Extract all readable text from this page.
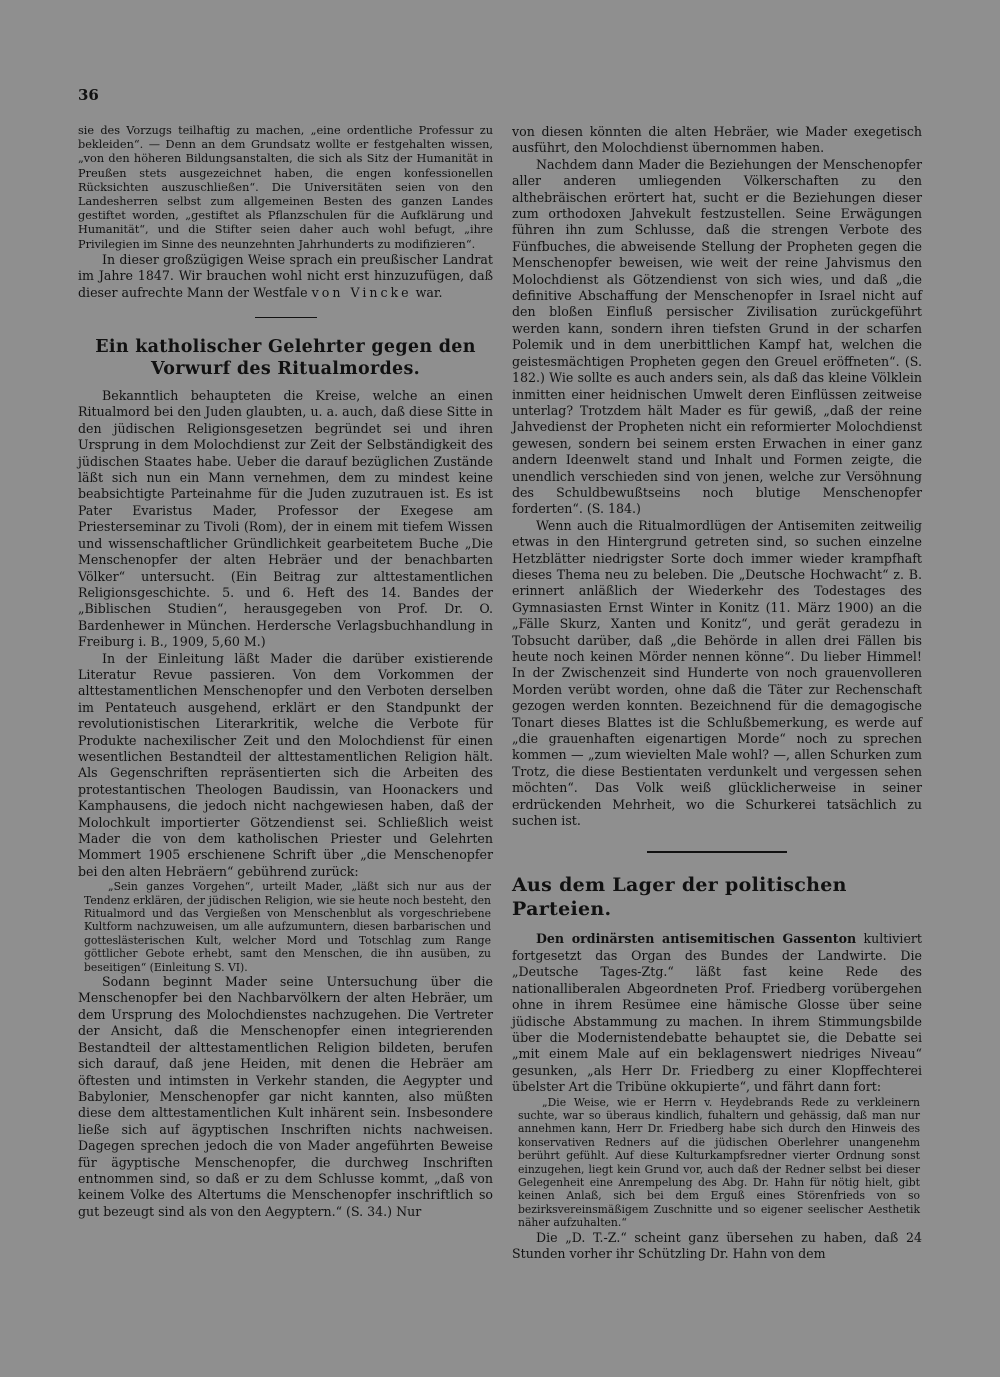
36

sie des Vorzugs teilhaftig zu machen, „eine ordentliche Professur zu bekleiden“. — Denn an dem Grundsatz wollte er festgehalten wissen, „von den höheren Bildungsanstalten, die sich als Sitz der Humanität in Preußen stets ausgezeichnet haben, die engen konfessionellen Rücksichten auszuschließen“. Die Universitäten seien von den Landesherren selbst zum allgemeinen Besten des ganzen Landes gestiftet worden, „gestiftet als Pflanzschulen für die Aufklärung und Humanität“, und die Stifter seien daher auch wohl befugt, „ihre Privilegien im Sinne des neunzehnten Jahrhunderts zu modifizieren“.

In dieser großzügigen Weise sprach ein preußischer Landrat im Jahre 1847. Wir brauchen wohl nicht erst hinzuzufügen, daß dieser aufrechte Mann der Westfale von Vincke war.

Ein katholischer Gelehrter gegen den Vorwurf des Ritualmordes.

Bekanntlich behaupteten die Kreise, welche an einen Ritualmord bei den Juden glaubten, u. a. auch, daß diese Sitte in den jüdischen Religionsgesetzen begründet sei und ihren Ursprung in dem Molochdienst zur Zeit der Selbständigkeit des jüdischen Staates habe. Ueber die darauf bezüglichen Zustände läßt sich nun ein Mann vernehmen, dem zu mindest keine beabsichtigte Parteinahme für die Juden zuzutrauen ist. Es ist Pater Evaristus Mader, Professor der Exegese am Priesterseminar zu Tivoli (Rom), der in einem mit tiefem Wissen und wissenschaftlicher Gründlichkeit gearbeitetem Buche „Die Menschenopfer der alten Hebräer und der benachbarten Völker“ untersucht. (Ein Beitrag zur alttestamentlichen Religionsgeschichte. 5. und 6. Heft des 14. Bandes der „Biblischen Studien“, herausgegeben von Prof. Dr. O. Bardenhewer in München. Herdersche Verlagsbuchhandlung in Freiburg i. B., 1909, 5,60 M.)

In der Einleitung läßt Mader die darüber existierende Literatur Revue passieren. Von dem Vorkommen der alttestamentlichen Menschenopfer und den Verboten derselben im Pentateuch ausgehend, erklärt er den Standpunkt der revolutionistischen Literarkritik, welche die Verbote für Produkte nachexilischer Zeit und den Molochdienst für einen wesentlichen Bestandteil der alttestamentlichen Religion hält. Als Gegenschriften repräsentierten sich die Arbeiten des protestantischen Theologen Baudissin, van Hoonackers und Kamphausens, die jedoch nicht nachgewiesen haben, daß der Molochkult importierter Götzendienst sei. Schließlich weist Mader die von dem katholischen Priester und Gelehrten Mommert 1905 erschienene Schrift über „die Menschenopfer bei den alten Hebräern“ gebührend zurück:

„Sein ganzes Vorgehen“, urteilt Mader, „läßt sich nur aus der Tendenz erklären, der jüdischen Religion, wie sie heute noch besteht, den Ritualmord und das Vergießen von Menschenblut als vorgeschriebene Kultform nachzuweisen, um alle aufzumuntern, diesen barbarischen und gotteslästerischen Kult, welcher Mord und Totschlag zum Range göttlicher Gebote erhebt, samt den Menschen, die ihn ausüben, zu beseitigen“ (Einleitung S. VI).

Sodann beginnt Mader seine Untersuchung über die Menschenopfer bei den Nachbarvölkern der alten Hebräer, um dem Ursprung des Molochdienstes nachzugehen. Die Vertreter der Ansicht, daß die Menschenopfer einen integrierenden Bestandteil der alttestamentlichen Religion bildeten, berufen sich darauf, daß jene Heiden, mit denen die Hebräer am öftesten und intimsten in Verkehr standen, die Aegypter und Babylonier, Menschenopfer gar nicht kannten, also müßten diese dem alttestamentlichen Kult inhärent sein. Insbesondere ließe sich auf ägyptischen Inschriften nichts nachweisen. Dagegen sprechen jedoch die von Mader angeführten Beweise für ägyptische Menschenopfer, die durchweg Inschriften entnommen sind, so daß er zu dem Schlusse kommt, „daß von keinem Volke des Altertums die Menschenopfer inschriftlich so gut bezeugt sind als von den Aegyptern.“ (S. 34.) Nur

von diesen könnten die alten Hebräer, wie Mader exegetisch ausführt, den Molochdienst übernommen haben.

Nachdem dann Mader die Beziehungen der Menschenopfer aller anderen umliegenden Völkerschaften zu den althebräischen erörtert hat, sucht er die Beziehungen dieser zum orthodoxen Jahvekult festzustellen. Seine Erwägungen führen ihn zum Schlusse, daß die strengen Verbote des Fünfbuches, die abweisende Stellung der Propheten gegen die Menschenopfer beweisen, wie weit der reine Jahvismus den Molochdienst als Götzendienst von sich wies, und daß „die definitive Abschaffung der Menschenopfer in Israel nicht auf den bloßen Einfluß persischer Zivilisation zurückgeführt werden kann, sondern ihren tiefsten Grund in der scharfen Polemik und in dem unerbittlichen Kampf hat, welchen die geistesmächtigen Propheten gegen den Greuel eröffneten“. (S. 182.) Wie sollte es auch anders sein, als daß das kleine Völklein inmitten einer heidnischen Umwelt deren Einflüssen zeitweise unterlag? Trotzdem hält Mader es für gewiß, „daß der reine Jahvedienst der Propheten nicht ein reformierter Molochdienst gewesen, sondern bei seinem ersten Erwachen in einer ganz andern Ideenwelt stand und Inhalt und Formen zeigte, die unendlich verschieden sind von jenen, welche zur Versöhnung des Schuldbewußtseins noch blutige Menschenopfer forderten“. (S. 184.)

Wenn auch die Ritualmordlügen der Antisemiten zeitweilig etwas in den Hintergrund getreten sind, so suchen einzelne Hetzblätter niedrigster Sorte doch immer wieder krampfhaft dieses Thema neu zu beleben. Die „Deutsche Hochwacht“ z. B. erinnert anläßlich der Wiederkehr des Todestages des Gymnasiasten Ernst Winter in Konitz (11. März 1900) an die „Fälle Skurz, Xanten und Konitz“, und gerät geradezu in Tobsucht darüber, daß „die Behörde in allen drei Fällen bis heute noch keinen Mörder nennen könne“. Du lieber Himmel! In der Zwischenzeit sind Hunderte von noch grauenvolleren Morden verübt worden, ohne daß die Täter zur Rechenschaft gezogen werden konnten. Bezeichnend für die demagogische Tonart dieses Blattes ist die Schlußbemerkung, es werde auf „die grauenhaften eigenartigen Morde“ noch zu sprechen kommen — „zum wievielten Male wohl? —, allen Schurken zum Trotz, die diese Bestientaten verdunkelt und vergessen sehen möchten“. Das Volk weiß glücklicherweise in seiner erdrückenden Mehrheit, wo die Schurkerei tatsächlich zu suchen ist.

Aus dem Lager der politischen Parteien.

Den ordinärsten antisemitischen Gassenton kultiviert fortgesetzt das Organ des Bundes der Landwirte. Die „Deutsche Tages-Ztg.“ läßt fast keine Rede des nationalliberalen Abgeordneten Prof. Friedberg vorübergehen ohne in ihrem Resümee eine hämische Glosse über seine jüdische Abstammung zu machen. In ihrem Stimmungsbilde über die Modernistendebatte behauptet sie, die Debatte sei „mit einem Male auf ein beklagenswert niedriges Niveau“ gesunken, „als Herr Dr. Friedberg zu einer Klopffechterei übelster Art die Tribüne okkupierte“, und fährt dann fort:

„Die Weise, wie er Herrn v. Heydebrands Rede zu verkleinern suchte, war so überaus kindlich, fuhaltern und gehässig, daß man nur annehmen kann, Herr Dr. Friedberg habe sich durch den Hinweis des konservativen Redners auf die jüdischen Oberlehrer unangenehm berührt gefühlt. Auf diese Kulturkampfsredner vierter Ordnung sonst einzugehen, liegt kein Grund vor, auch daß der Redner selbst bei dieser Gelegenheit eine Anrempelung des Abg. Dr. Hahn für nötig hielt, gibt keinen Anlaß, sich bei dem Erguß eines Störenfrieds von so bezirksvereinsmäßigem Zuschnitte und so eigener seelischer Aesthetik näher aufzuhalten.“

Die „D. T.-Z.“ scheint ganz übersehen zu haben, daß 24 Stunden vorher ihr Schützling Dr. Hahn von dem
